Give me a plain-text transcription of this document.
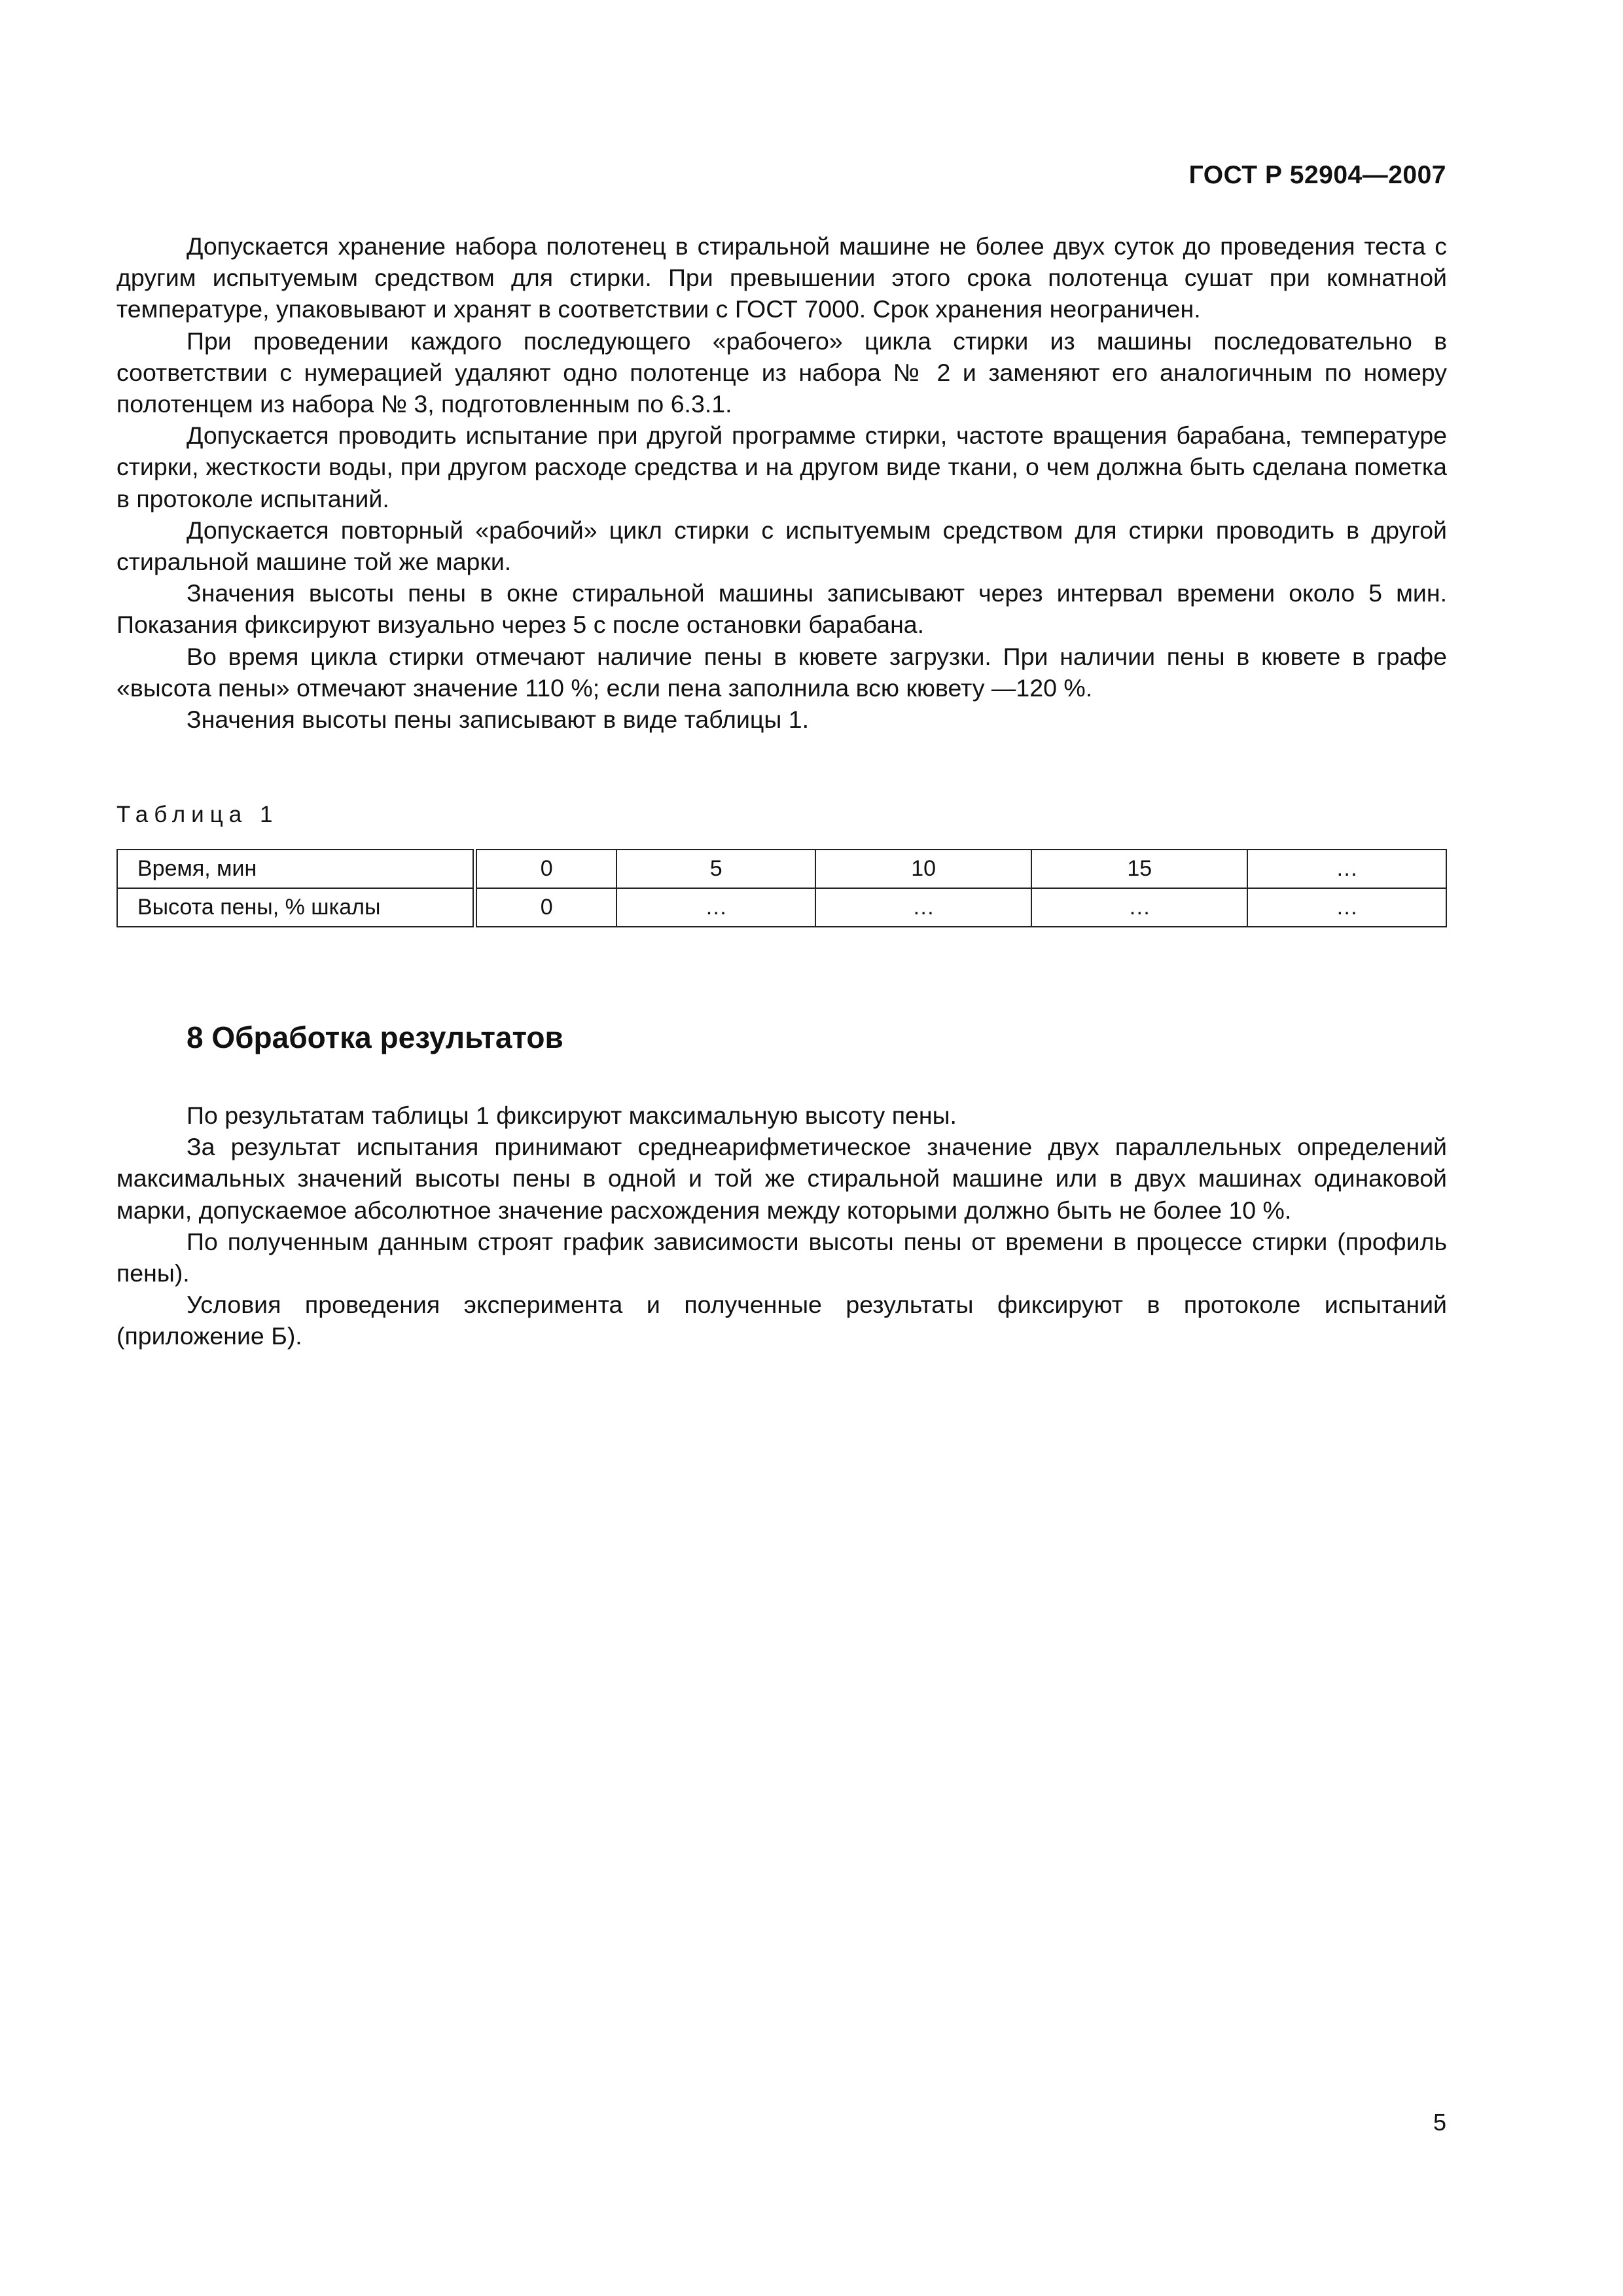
ГОСТ Р 52904—2007

Допускается хранение набора полотенец в стиральной машине не более двух суток до проведения теста с другим испытуемым средством для стирки. При превышении этого срока полотенца сушат при комнатной температуре, упаковывают и хранят в соответствии с ГОСТ 7000. Срок хранения неограничен.

При проведении каждого последующего «рабочего» цикла стирки из машины последовательно в соответствии с нумерацией удаляют одно полотенце из набора № 2 и заменяют его аналогичным по номеру полотенцем из набора № 3, подготовленным по 6.3.1.

Допускается проводить испытание при другой программе стирки, частоте вращения барабана, температуре стирки, жесткости воды, при другом расходе средства и на другом виде ткани, о чем должна быть сделана пометка в протоколе испытаний.

Допускается повторный «рабочий» цикл стирки с испытуемым средством для стирки проводить в другой стиральной машине той же марки.

Значения высоты пены в окне стиральной машины записывают через интервал времени около 5 мин. Показания фиксируют визуально через 5 с после остановки барабана.

Во время цикла стирки отмечают наличие пены в кювете загрузки. При наличии пены в кювете в графе «высота пены» отмечают значение 110 %; если пена заполнила всю кювету —120 %.

Значения высоты пены записывают в виде таблицы 1.

Таблица 1
Время, мин	0	5	10	15	…
Высота пены, % шкалы	0	…	…	…	…
8 Обработка результатов

По результатам таблицы 1 фиксируют максимальную высоту пены.

За результат испытания принимают среднеарифметическое значение двух параллельных определений максимальных значений высоты пены в одной и той же стиральной машине или в двух машинах одинаковой марки, допускаемое абсолютное значение расхождения между которыми должно быть не более 10 %.

По полученным данным строят график зависимости высоты пены от времени в процессе стирки (профиль пены).

Условия проведения эксперимента и полученные результаты фиксируют в протоколе испытаний (приложение Б).

5
